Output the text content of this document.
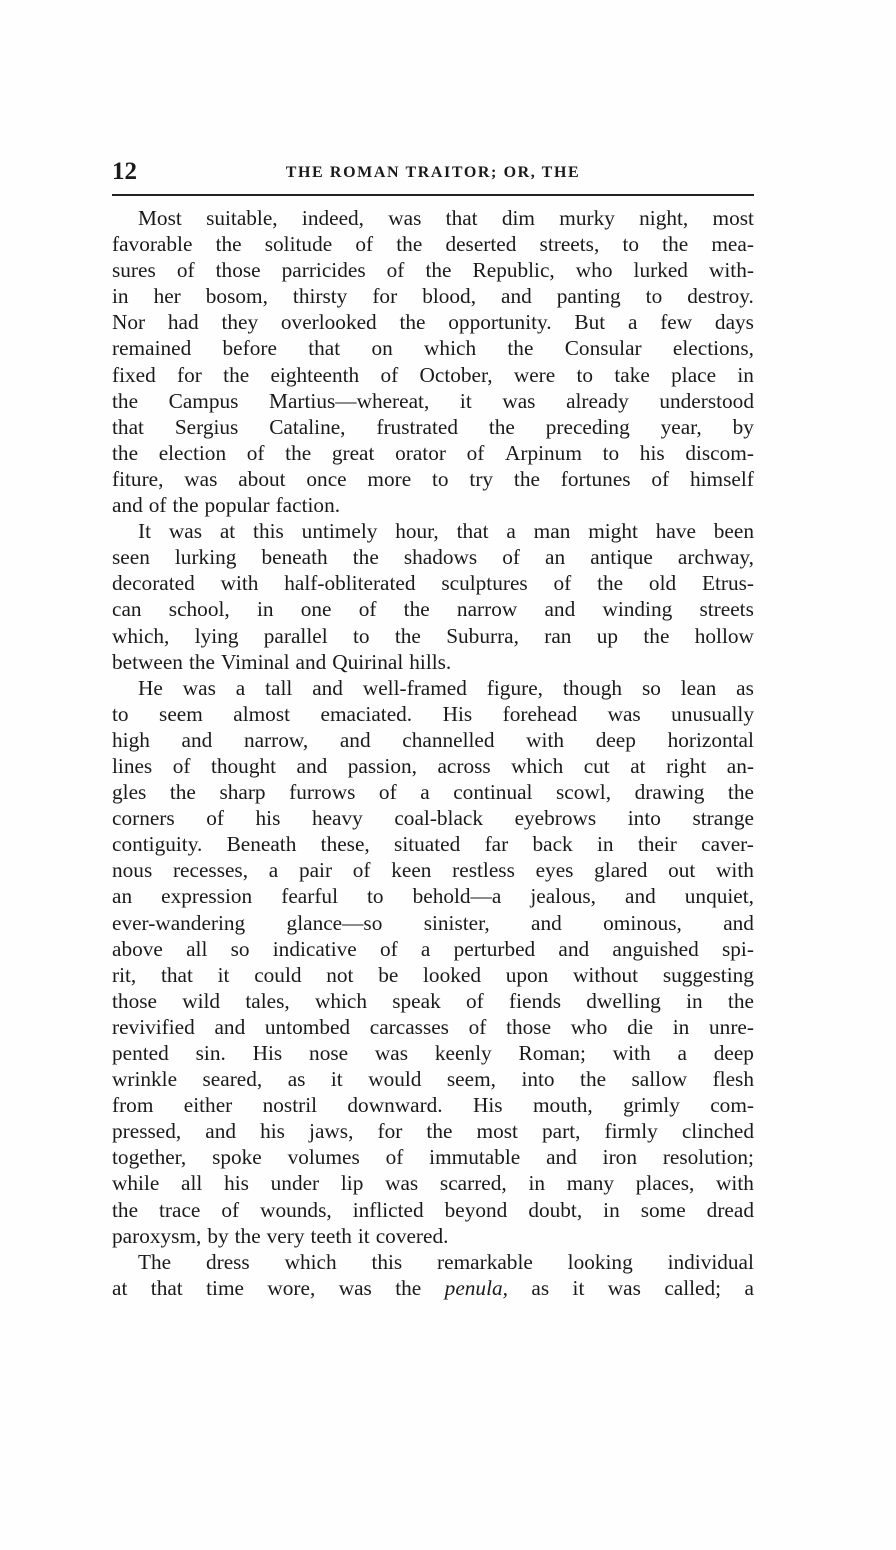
12	THE ROMAN TRAITOR; OR, THE
Most suitable, indeed, was that dim murky night, most
favorable the solitude of the deserted streets, to the mea-
sures of those parricides of the Republic, who lurked with-
in her bosom, thirsty for blood, and panting to destroy.
Nor had they overlooked the opportunity. But a few days
remained before that on which the Consular elections,
fixed for the eighteenth of October, were to take place in
the Campus Martius—whereat, it was already understood
that Sergius Cataline, frustrated the preceding year, by
the election of the great orator of Arpinum to his discom-
fiture, was about once more to try the fortunes of himself
and of the popular faction.
It was at this untimely hour, that a man might have been
seen lurking beneath the shadows of an antique archway,
decorated with half-obliterated sculptures of the old Etrus-
can school, in one of the narrow and winding streets
which, lying parallel to the Suburra, ran up the hollow
between the Viminal and Quirinal hills.
He was a tall and well-framed figure, though so lean as
to seem almost emaciated. His forehead was unusually
high and narrow, and channelled with deep horizontal
lines of thought and passion, across which cut at right an-
gles the sharp furrows of a continual scowl, drawing the
corners of his heavy coal-black eyebrows into strange
contiguity. Beneath these, situated far back in their caver-
nous recesses, a pair of keen restless eyes glared out with
an expression fearful to behold—a jealous, and unquiet,
ever-wandering glance—so sinister, and ominous, and
above all so indicative of a perturbed and anguished spi-
rit, that it could not be looked upon without suggesting
those wild tales, which speak of fiends dwelling in the
revivified and untombed carcasses of those who die in unre-
pented sin. His nose was keenly Roman; with a deep
wrinkle seared, as it would seem, into the sallow flesh
from either nostril downward. His mouth, grimly com-
pressed, and his jaws, for the most part, firmly clinched
together, spoke volumes of immutable and iron resolution;
while all his under lip was scarred, in many places, with
the trace of wounds, inflicted beyond doubt, in some dread
paroxysm, by the very teeth it covered.
The dress which this remarkable looking individual
at that time wore, was the penula, as it was called; a
